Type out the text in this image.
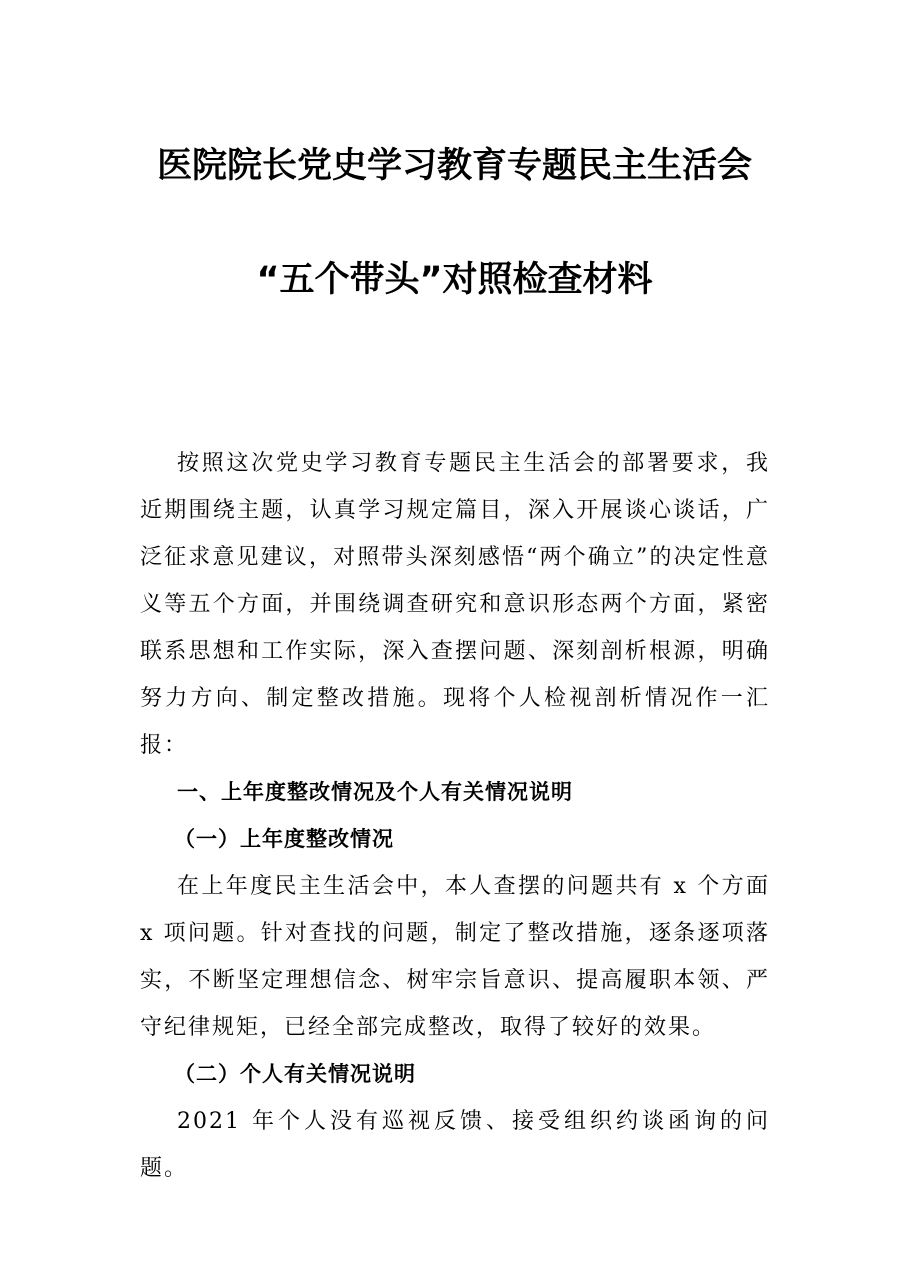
医院院长党史学习教育专题民主生活会
“五个带头”对照检查材料

按照这次党史学习教育专题民主生活会的部署要求，我近期围绕主题，认真学习规定篇目，深入开展谈心谈话，广泛征求意见建议，对照带头深刻感悟“两个确立”的决定性意义等五个方面，并围绕调查研究和意识形态两个方面，紧密联系思想和工作实际，深入查摆问题、深刻剖析根源，明确努力方向、制定整改措施。现将个人检视剖析情况作一汇报：

一、上年度整改情况及个人有关情况说明

（一）上年度整改情况

在上年度民主生活会中，本人查摆的问题共有 x 个方面 x 项问题。针对查找的问题，制定了整改措施，逐条逐项落实，不断坚定理想信念、树牢宗旨意识、提高履职本领、严守纪律规矩，已经全部完成整改，取得了较好的效果。

（二）个人有关情况说明

2021 年个人没有巡视反馈、接受组织约谈函询的问题。
